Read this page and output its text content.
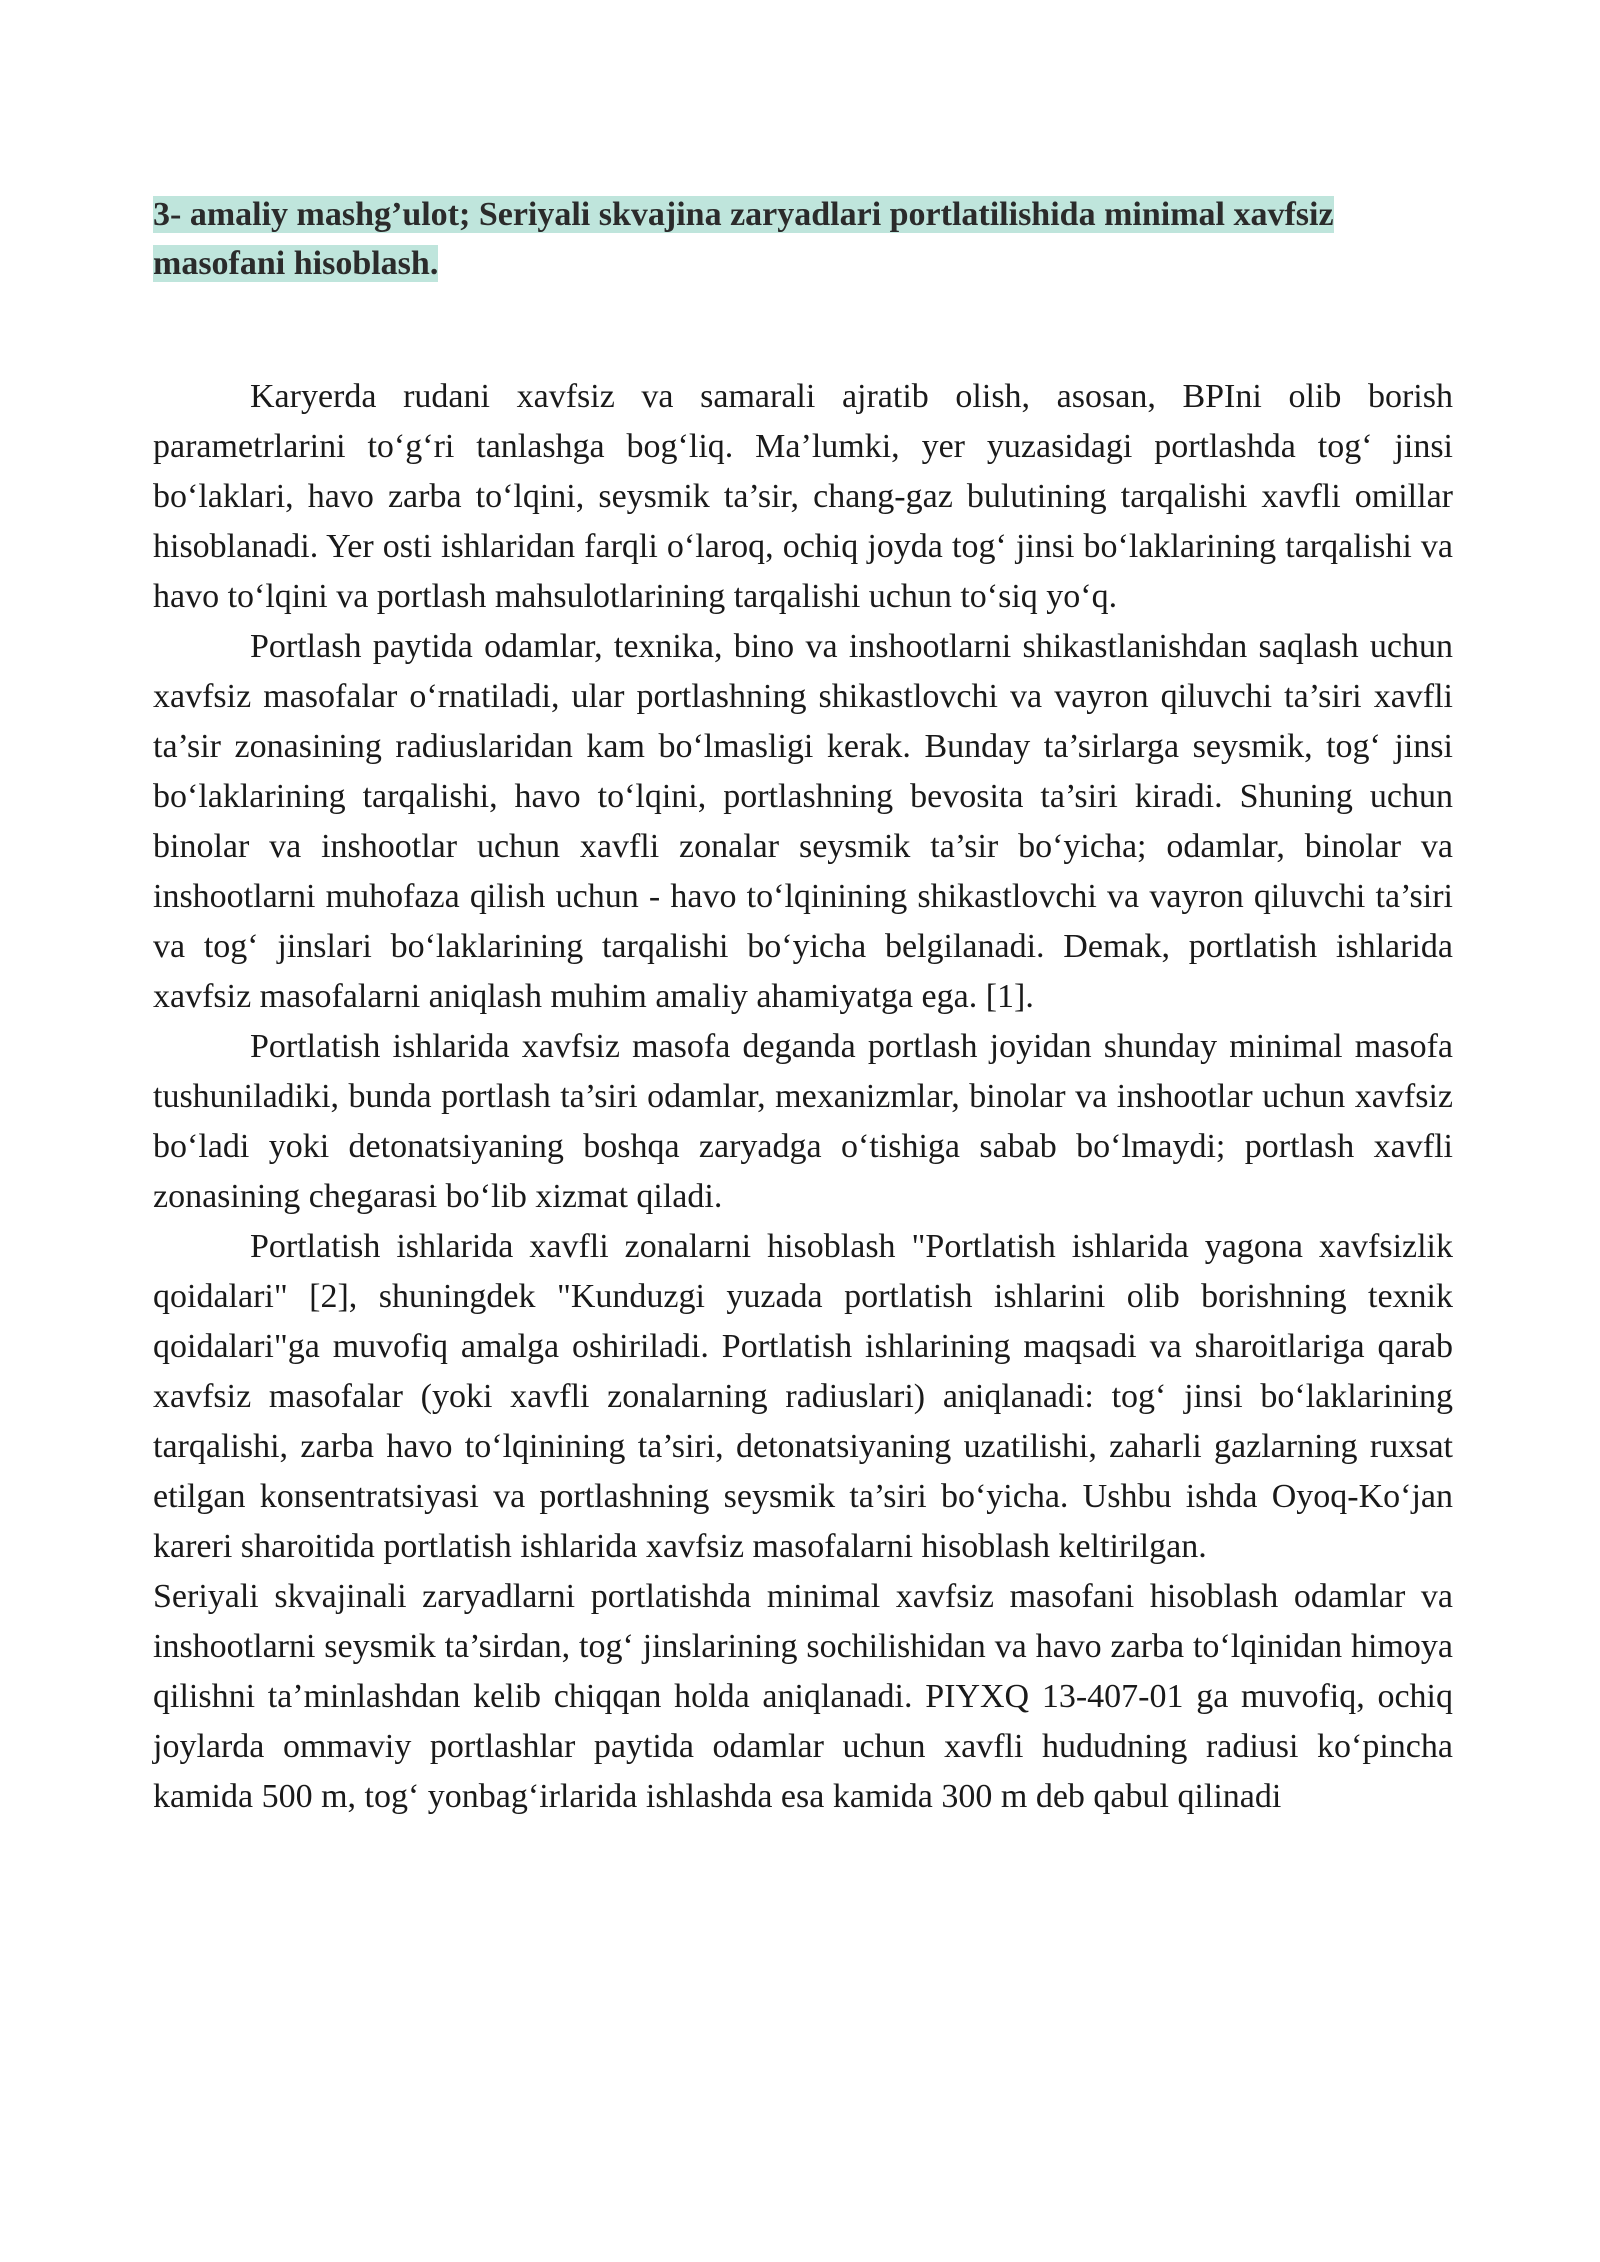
3- amaliy mashg’ulot; Seriyali skvajina zaryadlari portlatilishida minimal xavfsiz masofani hisoblash.

Karyerda rudani xavfsiz va samarali ajratib olish, asosan, BPIni olib borish parametrlarini to‘g‘ri tanlashga bog‘liq. Ma’lumki, yer yuzasidagi portlashda tog‘ jinsi bo‘laklari, havo zarba to‘lqini, seysmik ta’sir, chang-gaz bulutining tarqalishi xavfli omillar hisoblanadi. Yer osti ishlaridan farqli o‘laroq, ochiq joyda tog‘ jinsi bo‘laklarining tarqalishi va havo to‘lqini va portlash mahsulotlarining tarqalishi uchun to‘siq yo‘q.

Portlash paytida odamlar, texnika, bino va inshootlarni shikastlanishdan saqlash uchun xavfsiz masofalar o‘rnatiladi, ular portlashning shikastlovchi va vayron qiluvchi ta’siri xavfli ta’sir zonasining radiuslaridan kam bo‘lmasligi kerak. Bunday ta’sirlarga seysmik, tog‘ jinsi bo‘laklarining tarqalishi, havo to‘lqini, portlashning bevosita ta’siri kiradi. Shuning uchun binolar va inshootlar uchun xavfli zonalar seysmik ta’sir bo‘yicha; odamlar, binolar va inshootlarni muhofaza qilish uchun - havo to‘lqinining shikastlovchi va vayron qiluvchi ta’siri va tog‘ jinslari bo‘laklarining tarqalishi bo‘yicha belgilanadi. Demak, portlatish ishlarida xavfsiz masofalarni aniqlash muhim amaliy ahamiyatga ega. [1].

Portlatish ishlarida xavfsiz masofa deganda portlash joyidan shunday minimal masofa tushuniladiki, bunda portlash ta’siri odamlar, mexanizmlar, binolar va inshootlar uchun xavfsiz bo‘ladi yoki detonatsiyaning boshqa zaryadga o‘tishiga sabab bo‘lmaydi; portlash xavfli zonasining chegarasi bo‘lib xizmat qiladi.

Portlatish ishlarida xavfli zonalarni hisoblash "Portlatish ishlarida yagona xavfsizlik qoidalari" [2], shuningdek "Kunduzgi yuzada portlatish ishlarini olib borishning texnik qoidalari"ga muvofiq amalga oshiriladi. Portlatish ishlarining maqsadi va sharoitlariga qarab xavfsiz masofalar (yoki xavfli zonalarning radiuslari) aniqlanadi: tog‘ jinsi bo‘laklarining tarqalishi, zarba havo to‘lqinining ta’siri, detonatsiyaning uzatilishi, zaharli gazlarning ruxsat etilgan konsentratsiyasi va portlashning seysmik ta’siri bo‘yicha. Ushbu ishda Oyoq-Ko‘jan kareri sharoitida portlatish ishlarida xavfsiz masofalarni hisoblash keltirilgan.

Seriyali skvajinali zaryadlarni portlatishda minimal xavfsiz masofani hisoblash odamlar va inshootlarni seysmik ta’sirdan, tog‘ jinslarining sochilishidan va havo zarba to‘lqinidan himoya qilishni ta’minlashdan kelib chiqqan holda aniqlanadi. PIYXQ 13-407-01 ga muvofiq, ochiq joylarda ommaviy portlashlar paytida odamlar uchun xavfli hududning radiusi ko‘pincha kamida 500 m, tog‘ yonbag‘irlarida ishlashda esa kamida 300 m deb qabul qilinadi
